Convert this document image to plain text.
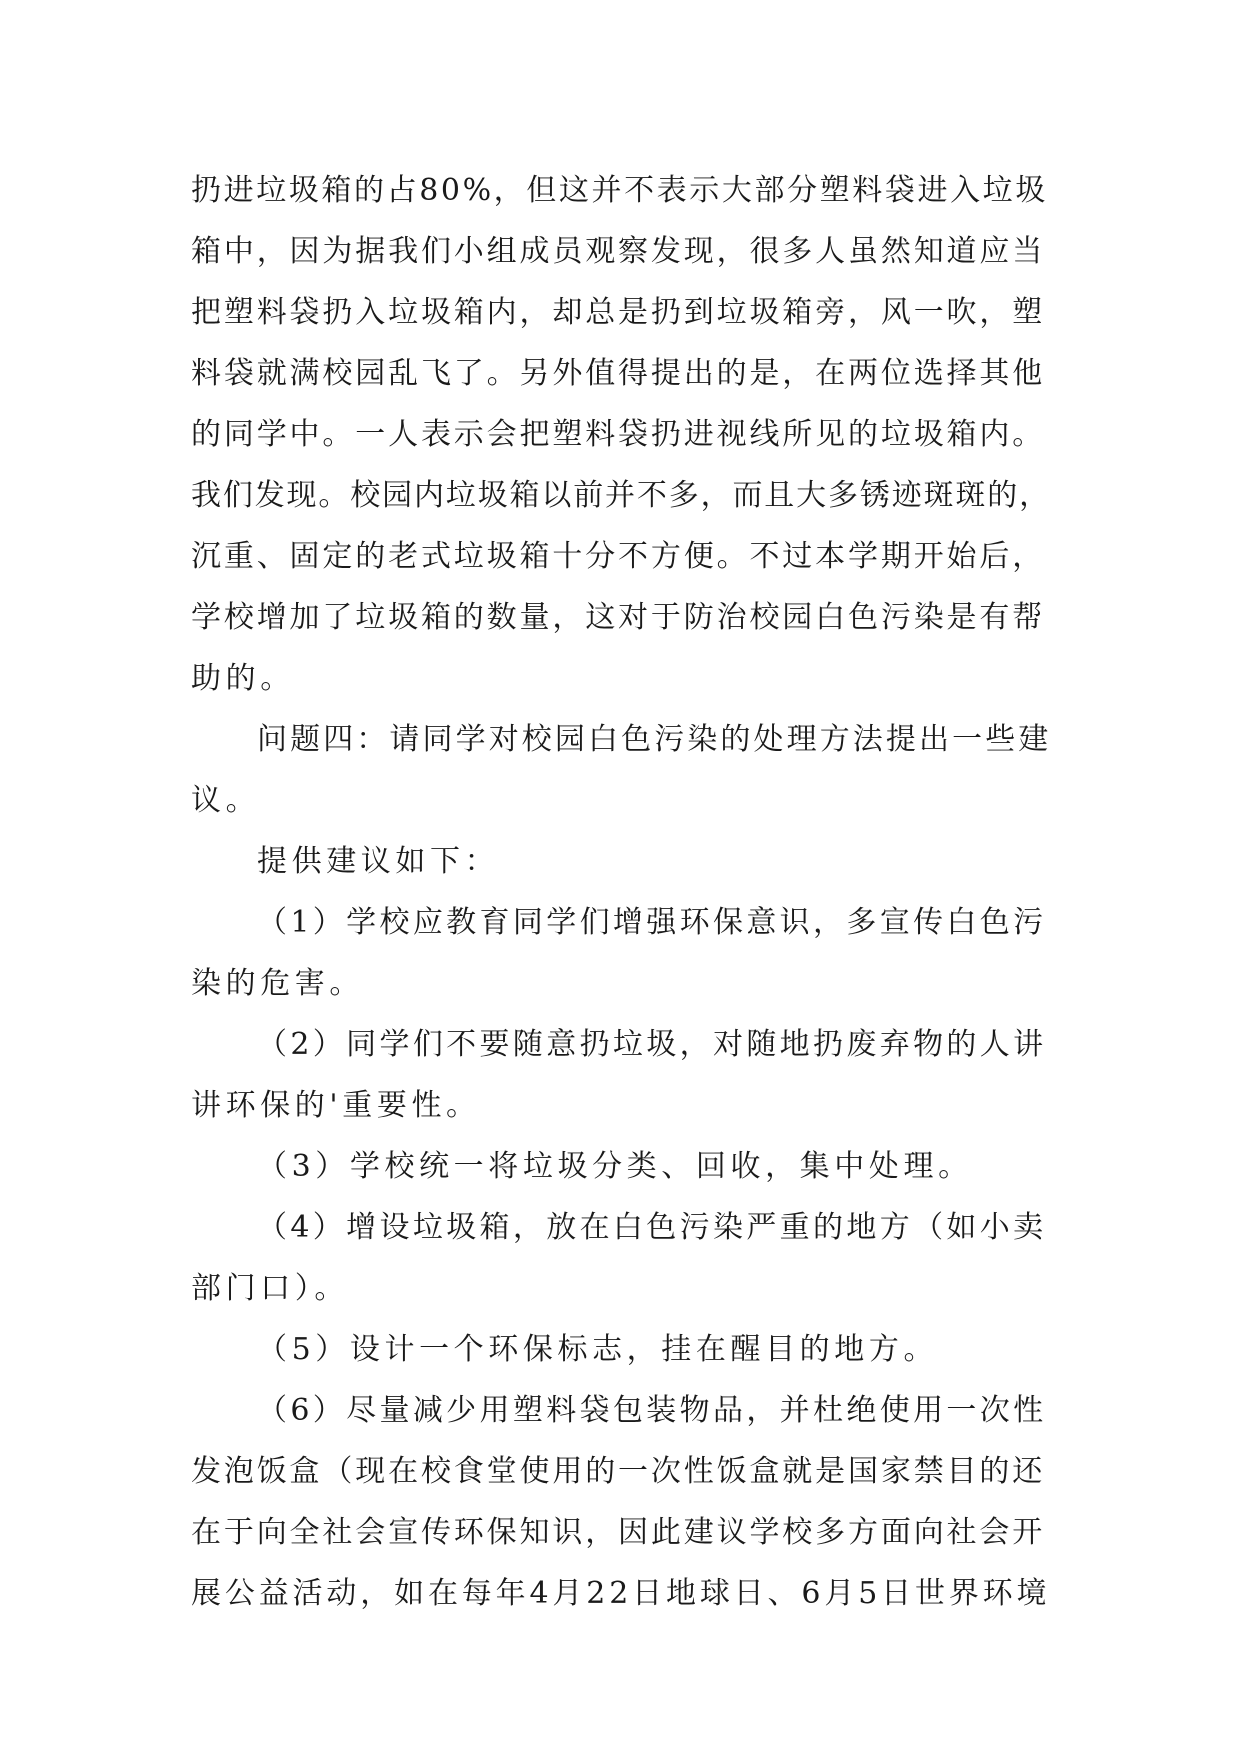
扔进垃圾箱的占80%，但这并不表示大部分塑料袋进入垃圾
箱中，因为据我们小组成员观察发现，很多人虽然知道应当
把塑料袋扔入垃圾箱内，却总是扔到垃圾箱旁，风一吹，塑
料袋就满校园乱飞了。另外值得提出的是，在两位选择其他
的同学中。一人表示会把塑料袋扔进视线所见的垃圾箱内。
我们发现。校园内垃圾箱以前并不多，而且大多锈迹斑斑的，
沉重、固定的老式垃圾箱十分不方便。不过本学期开始后，
学校增加了垃圾箱的数量，这对于防治校园白色污染是有帮
助的。
问题四：请同学对校园白色污染的处理方法提出一些建
议。
提供建议如下：
（1）学校应教育同学们增强环保意识，多宣传白色污
染的危害。
（2）同学们不要随意扔垃圾，对随地扔废弃物的人讲
讲环保的'重要性。
（3）学校统一将垃圾分类、回收，集中处理。
（4）增设垃圾箱，放在白色污染严重的地方（如小卖
部门口）。
（5）设计一个环保标志，挂在醒目的地方。
（6）尽量减少用塑料袋包装物品，并杜绝使用一次性
发泡饭盒（现在校食堂使用的一次性饭盒就是国家禁目的还
在于向全社会宣传环保知识，因此建议学校多方面向社会开
展公益活动，如在每年4月22日地球日、6月5日世界环境
